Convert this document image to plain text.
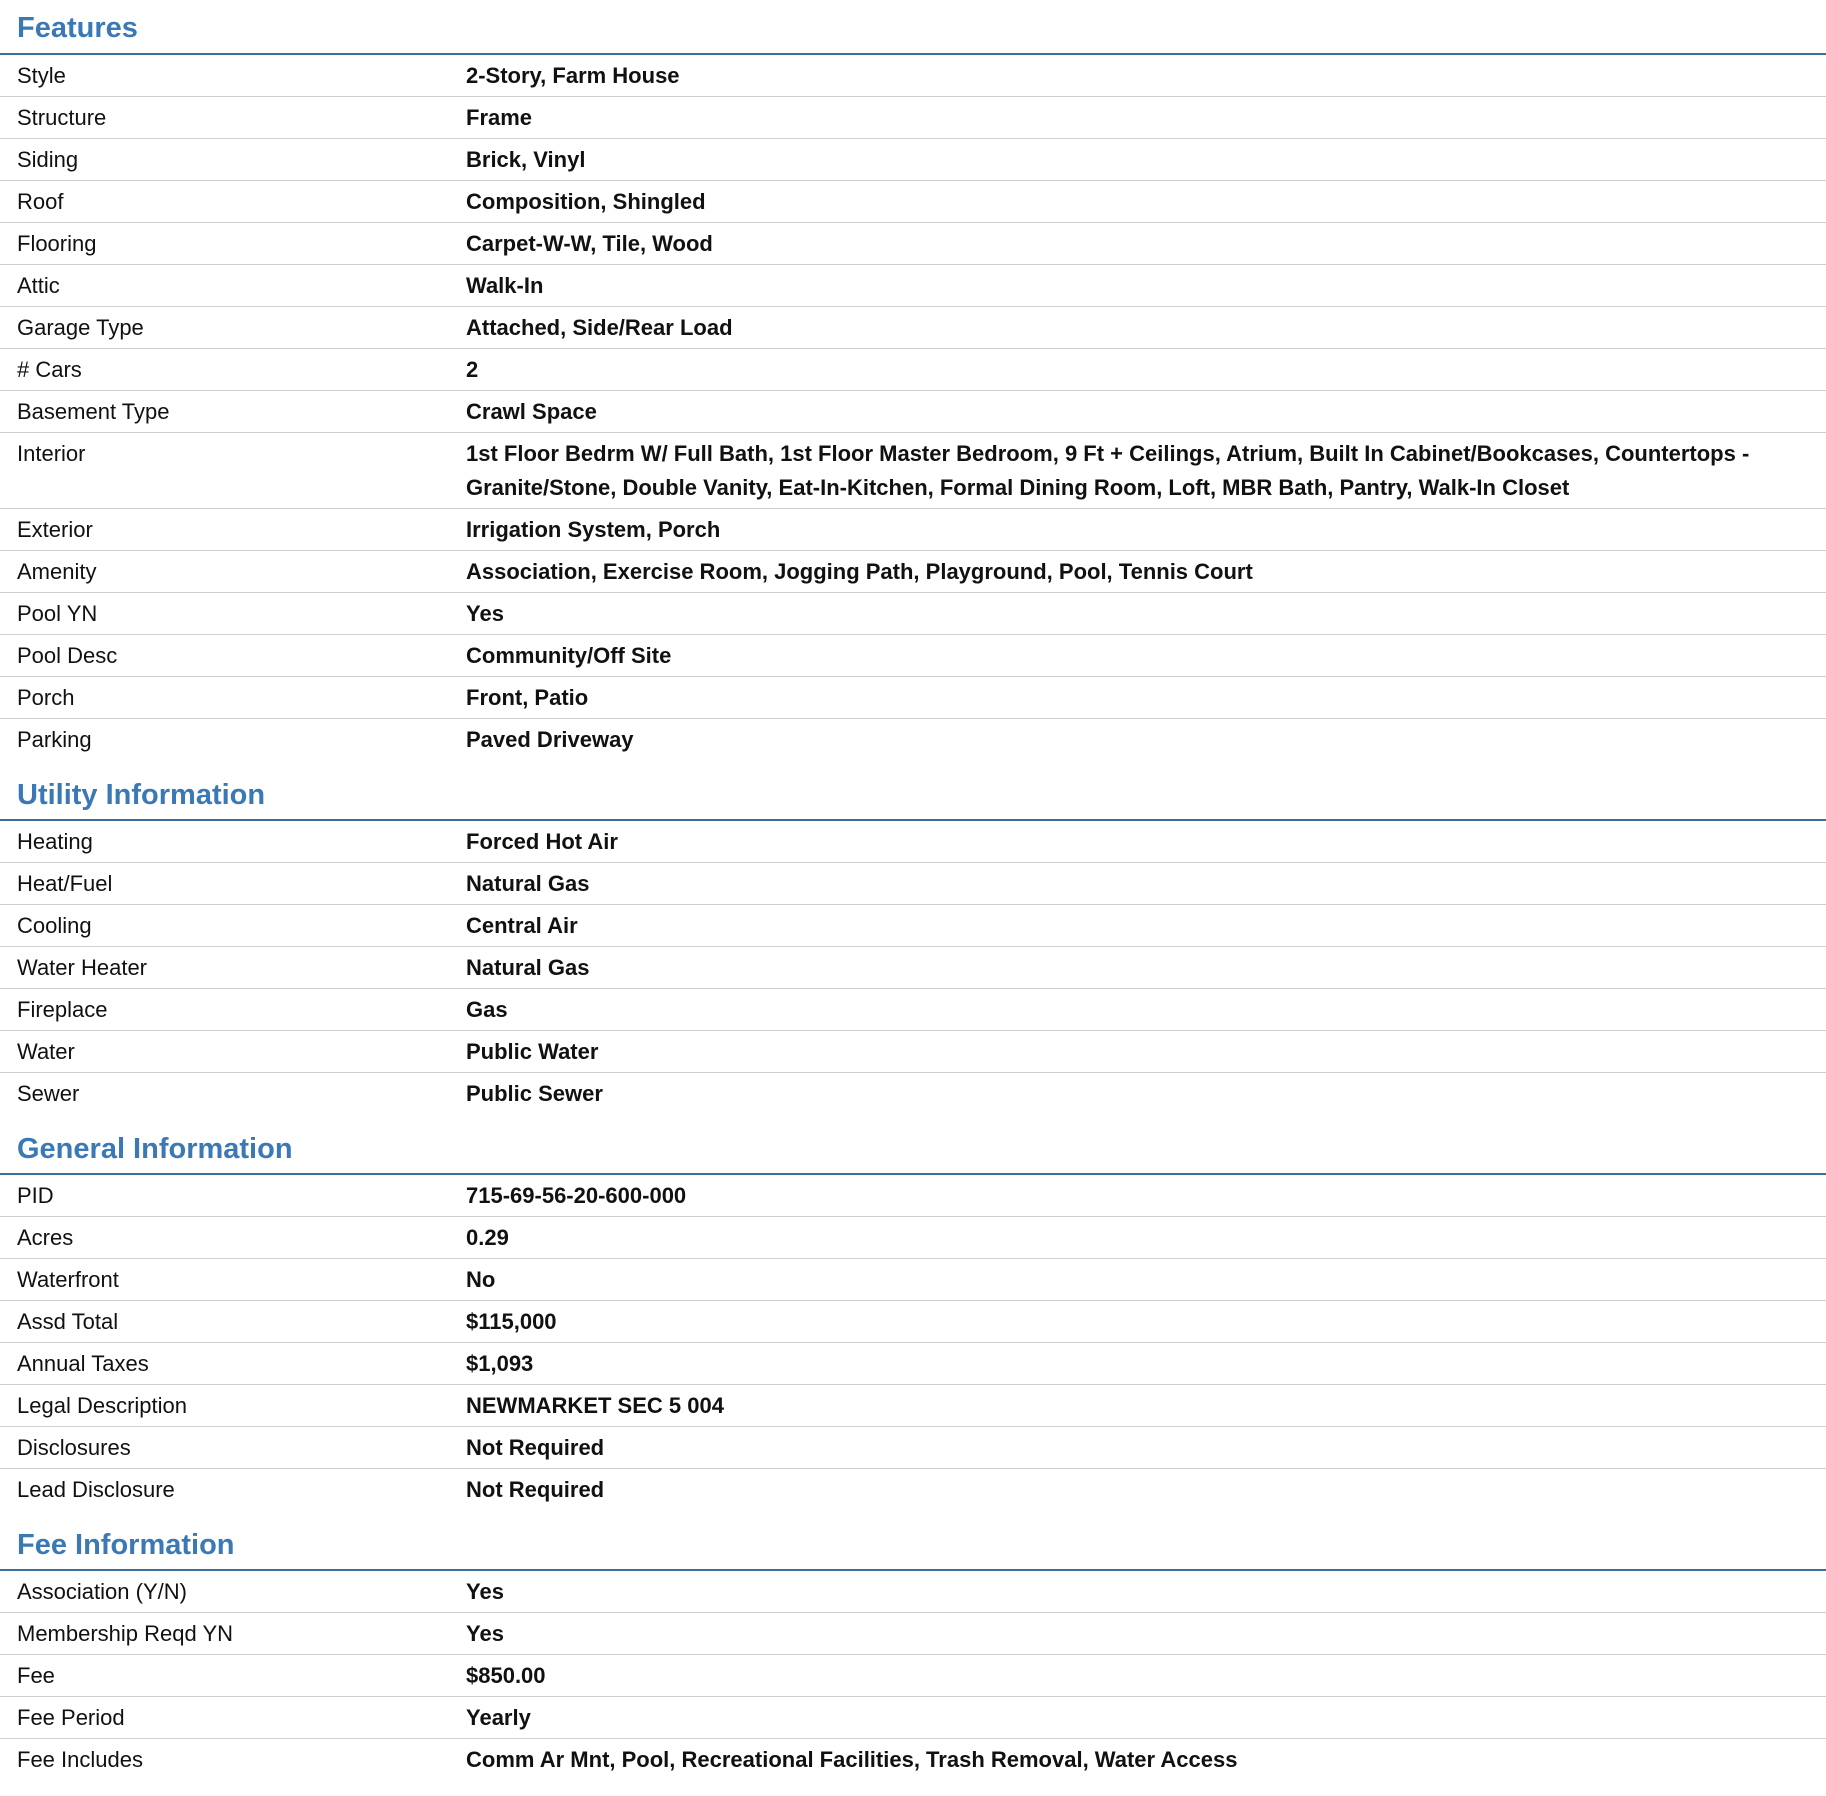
Features
Style	2-Story, Farm House
Structure	Frame
Siding	Brick, Vinyl
Roof	Composition, Shingled
Flooring	Carpet-W-W, Tile, Wood
Attic	Walk-In
Garage Type	Attached, Side/Rear Load
# Cars	2
Basement Type	Crawl Space
Interior	1st Floor Bedrm W/ Full Bath, 1st Floor Master Bedroom, 9 Ft + Ceilings, Atrium, Built In Cabinet/Bookcases, Countertops - Granite/Stone, Double Vanity, Eat-In-Kitchen, Formal Dining Room, Loft, MBR Bath, Pantry, Walk-In Closet
Exterior	Irrigation System, Porch
Amenity	Association, Exercise Room, Jogging Path, Playground, Pool, Tennis Court
Pool YN	Yes
Pool Desc	Community/Off Site
Porch	Front, Patio
Parking	Paved Driveway
Utility Information
Heating	Forced Hot Air
Heat/Fuel	Natural Gas
Cooling	Central Air
Water Heater	Natural Gas
Fireplace	Gas
Water	Public Water
Sewer	Public Sewer
General Information
PID	715-69-56-20-600-000
Acres	0.29
Waterfront	No
Assd Total	$115,000
Annual Taxes	$1,093
Legal Description	NEWMARKET SEC 5 004
Disclosures	Not Required
Lead Disclosure	Not Required
Fee Information
Association (Y/N)	Yes
Membership Reqd YN	Yes
Fee	$850.00
Fee Period	Yearly
Fee Includes	Comm Ar Mnt, Pool, Recreational Facilities, Trash Removal, Water Access
